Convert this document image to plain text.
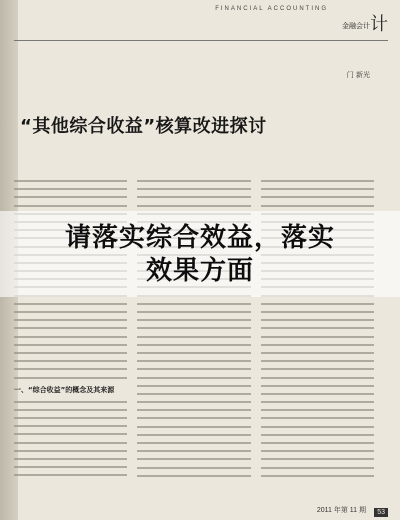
FINANCIAL ACCOUNTING
金融会计 计
门 新光
“其他综合收益”核算改进探讨
一、“综合收益”的概念及其来源
2011 年第 11 期	53
请落实综合效益，落实
效果方面
